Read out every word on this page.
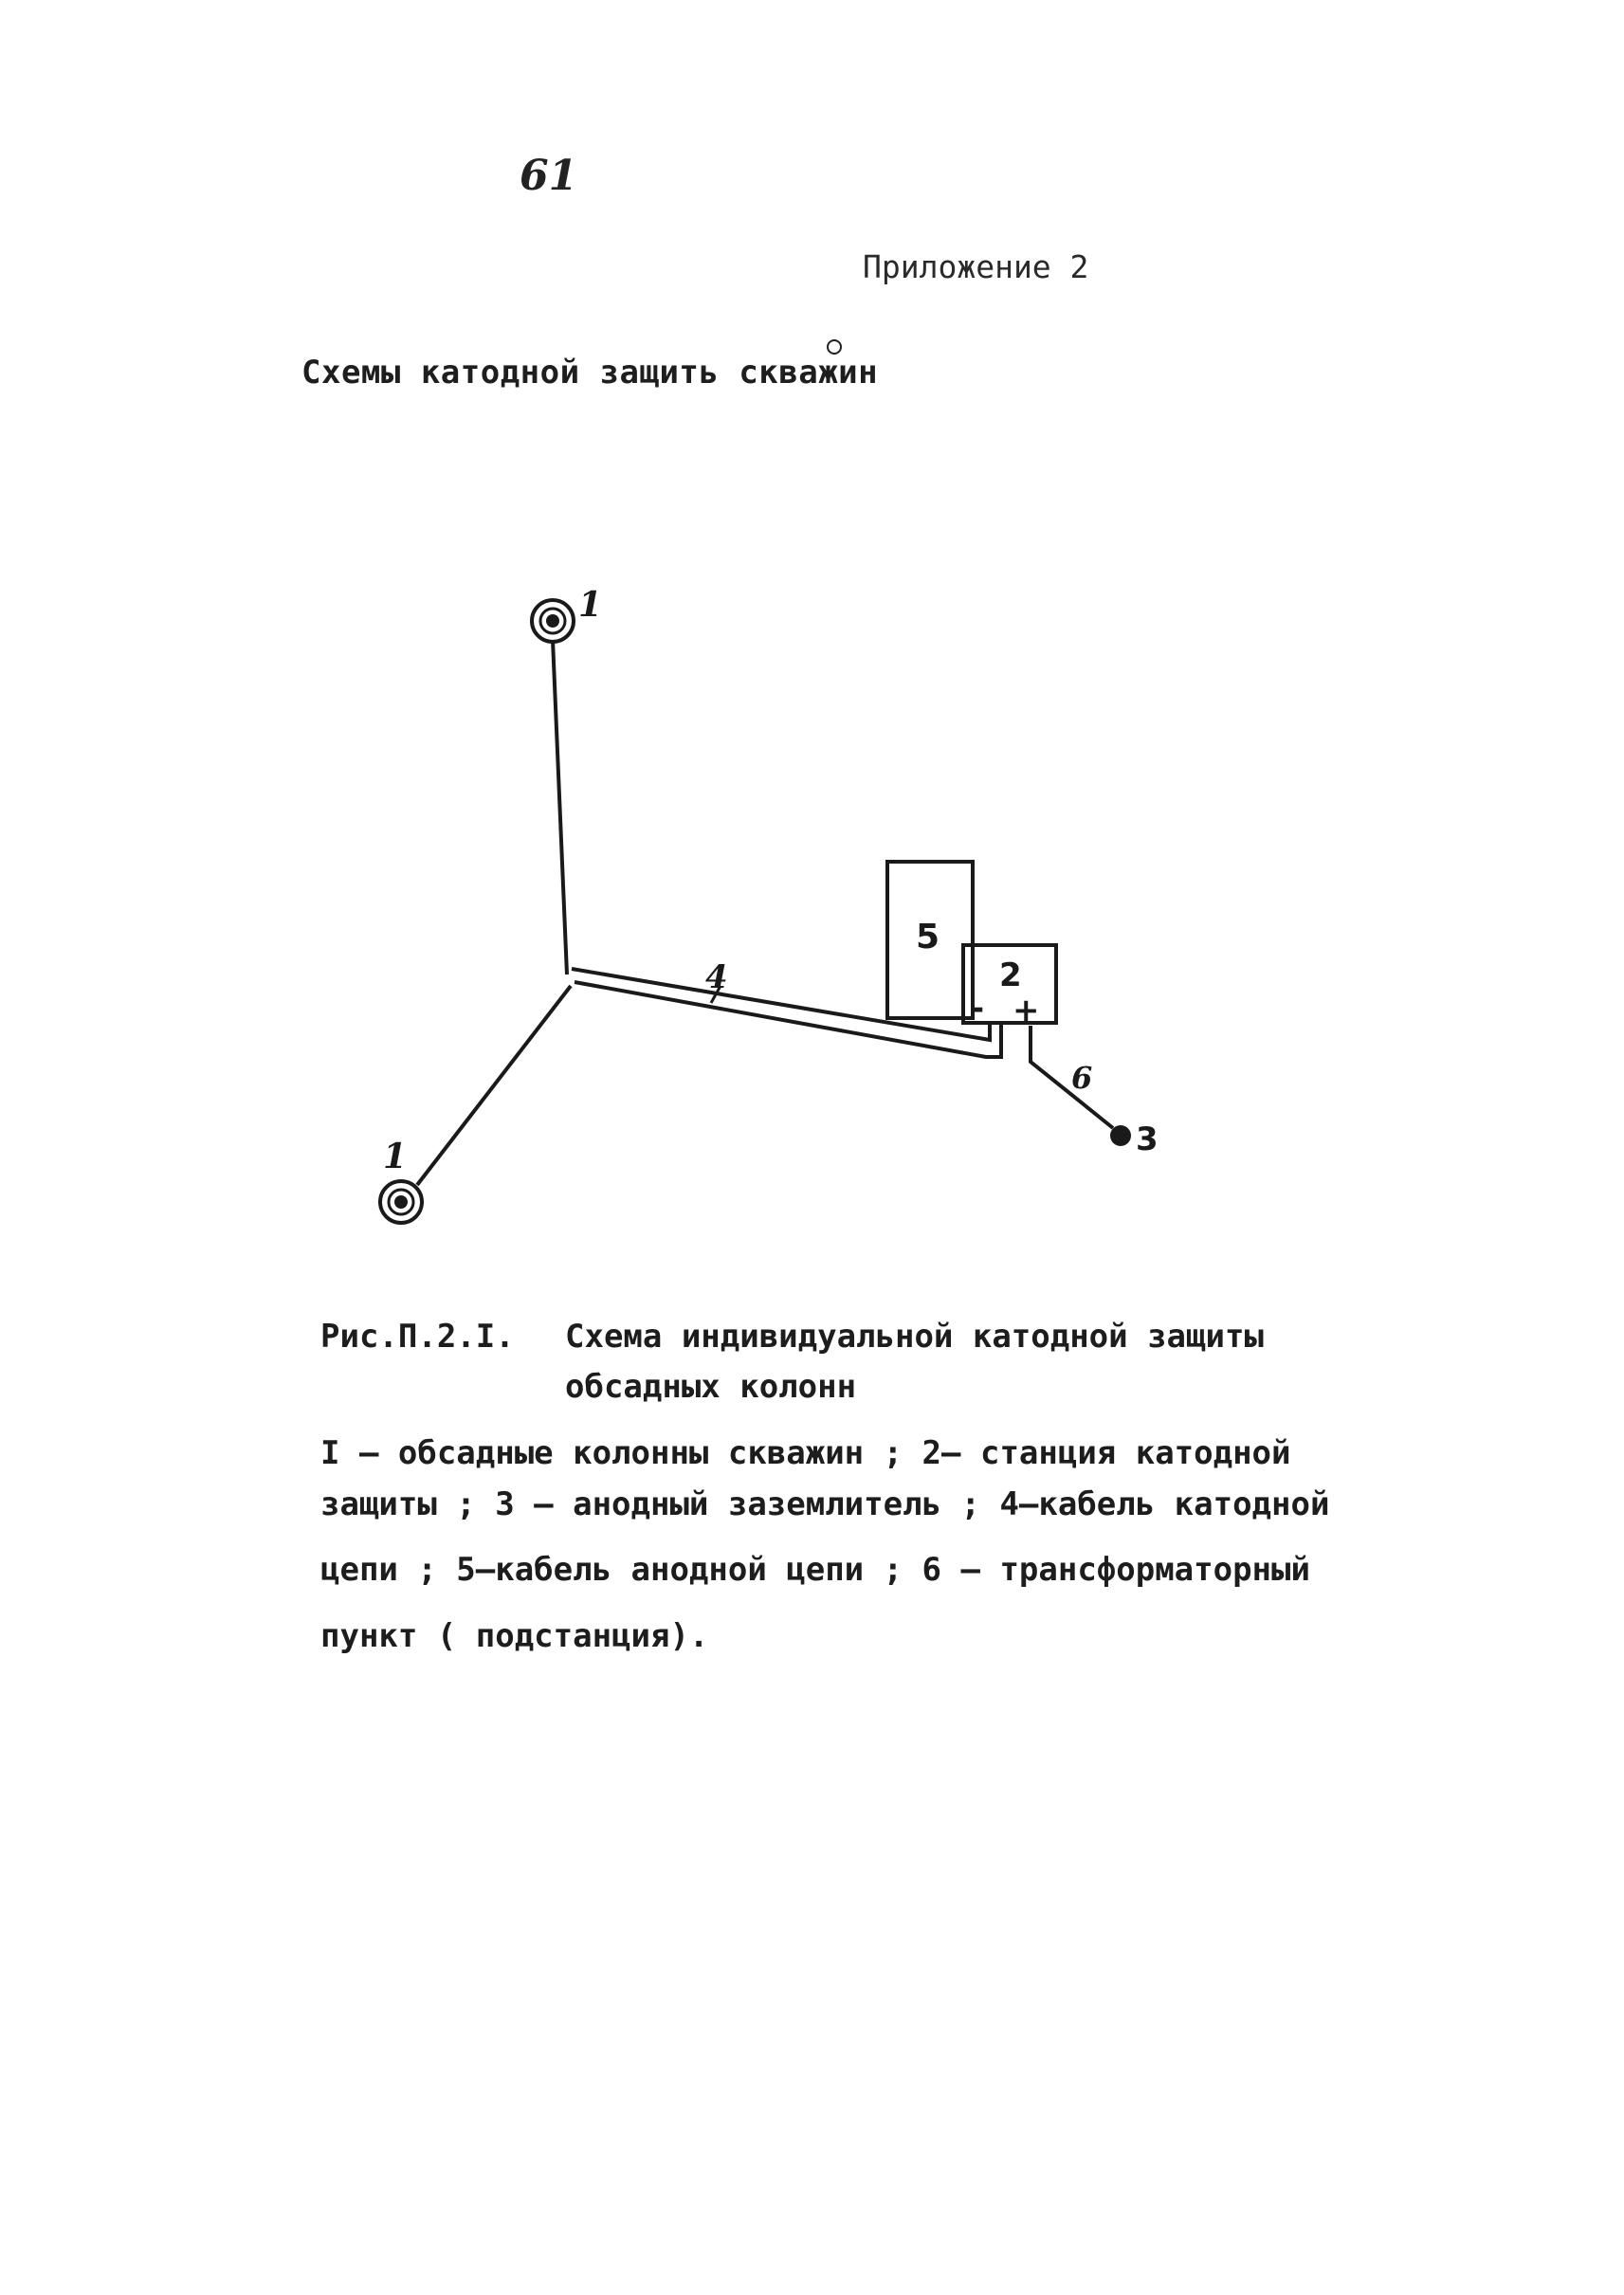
61
Приложение 2
Схемы катодной защить скважин
1
1
4
5
2
- +
6
3
Рис.П.2.I. Схема индивидуальной катодной защиты
обсадных колонн
I – обсадные колонны скважин ; 2– станция катодной
защиты ; 3 – анодный заземлитель ; 4–кабель катодной
цепи ; 5–кабель анодной цепи ; 6 – трансформаторный
пункт ( подстанция).
